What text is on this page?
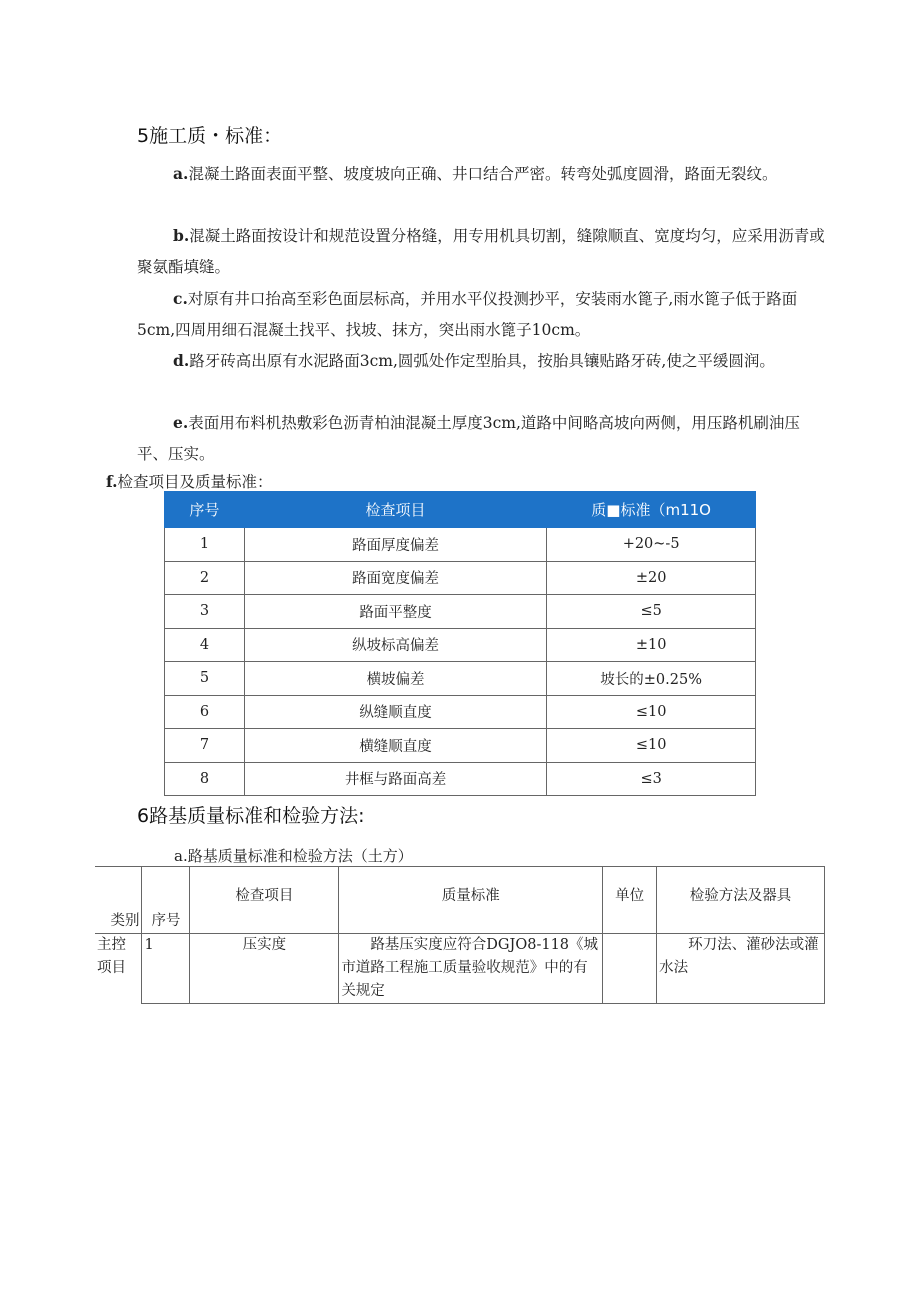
5施工质・标准：

a.混凝土路面表面平整、坡度坡向正确、井口结合严密。转弯处弧度圆滑，路面无裂纹。

b.混凝土路面按设计和规范设置分格缝，用专用机具切割，缝隙顺直、宽度均匀，应采用沥青或聚氨酯填缝。

c.对原有井口抬高至彩色面层标高，并用水平仪投测抄平，安装雨水篦子,雨水篦子低于路面5cm,四周用细石混凝土找平、找坡、抹方，突出雨水篦子10cm。

d.路牙砖高出原有水泥路面3cm,圆弧处作定型胎具，按胎具镶贴路牙砖,使之平缓圆润。

e.表面用布料机热敷彩色沥青柏油混凝土厚度3cm,道路中间略高坡向两侧，用压路机刷油压平、压实。

f.检查项目及质量标准：
序号	检查项目	质■标准（m11O
1	路面厚度偏差	+20~-5
2	路面宽度偏差	±20
3	路面平整度	≤5
4	纵坡标高偏差	±10
5	横坡偏差	坡长的±0.25%
6	纵缝顺直度	≤10
7	横缝顺直度	≤10
8	井框与路面高差	≤3
6路基质量标准和检验方法:
a.路基质量标准和检验方法（土方）
类别	序号	检查项目	质量标准	单位	检验方法及器具
主控项目	1	压实度	路基压实度应符合DGJO8-118《城市道路工程施工质量验收规范》中的有关规定		环刀法、灌砂法或灌水法
